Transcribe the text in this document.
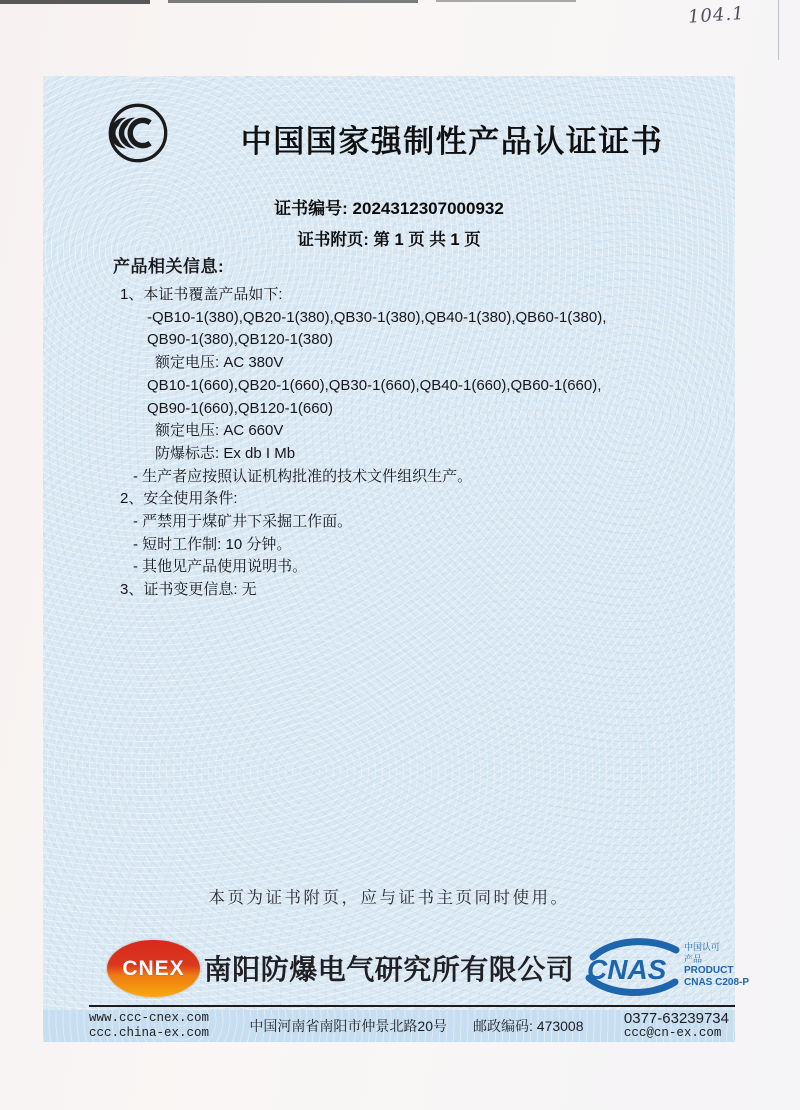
104.1
中国国家强制性产品认证证书
证书编号: 2024312307000932
证书附页: 第 1 页 共 1 页
产品相关信息:
1、本证书覆盖产品如下:
-QB10-1(380),QB20-1(380),QB30-1(380),QB40-1(380),QB60-1(380),
QB90-1(380),QB120-1(380)
额定电压: AC 380V
QB10-1(660),QB20-1(660),QB30-1(660),QB40-1(660),QB60-1(660),
QB90-1(660),QB120-1(660)
额定电压: AC 660V
防爆标志: Ex db I Mb
- 生产者应按照认证机构批准的技术文件组织生产。
2、安全使用条件:
- 严禁用于煤矿井下采掘工作面。
- 短时工作制: 10 分钟。
- 其他见产品使用说明书。
3、证书变更信息: 无
本页为证书附页，应与证书主页同时使用。
CNEX 南阳防爆电气研究所有限公司 CNAS
中国认可
产品
PRODUCT
CNAS C208-P
www.ccc-cnex.com
ccc.china-ex.com	中国河南省南阳市仲景北路20号 邮政编码: 473008	0377-63239734
ccc@cn-ex.com
